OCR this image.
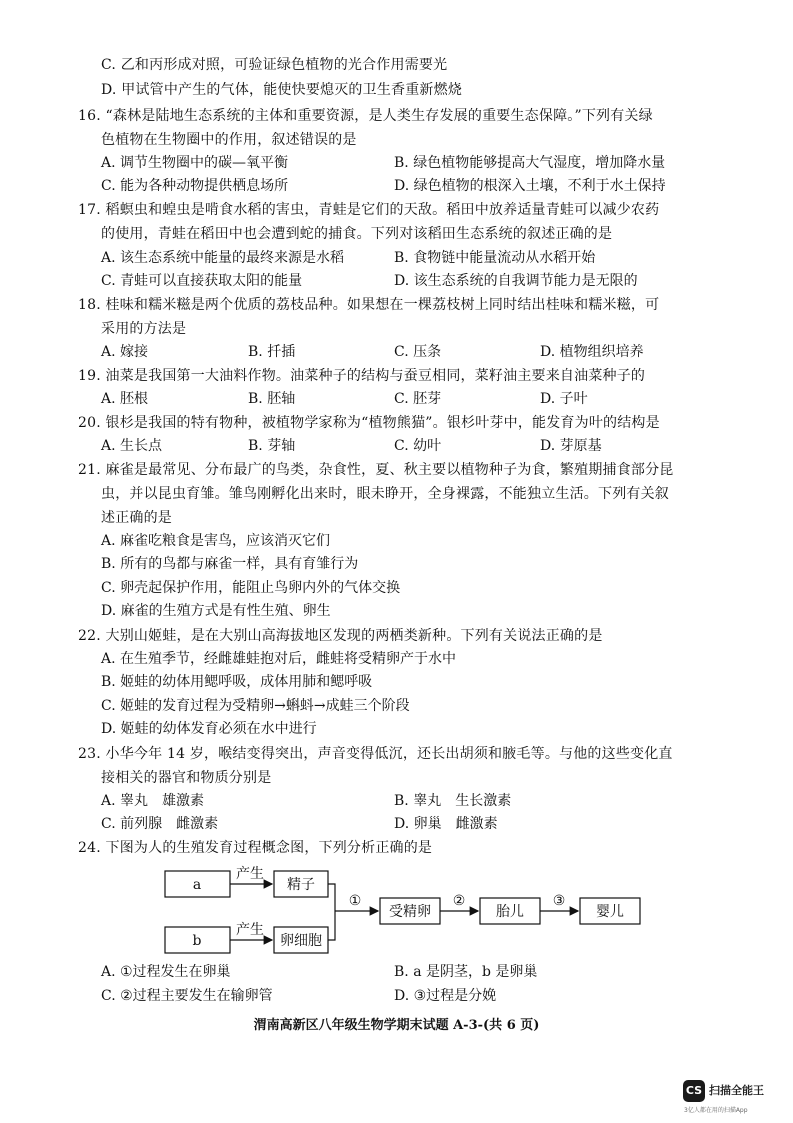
C. 乙和丙形成对照，可验证绿色植物的光合作用需要光
D. 甲试管中产生的气体，能使快要熄灭的卫生香重新燃烧
16. “森林是陆地生态系统的主体和重要资源，是人类生存发展的重要生态保障。”下列有关绿
色植物在生物圈中的作用，叙述错误的是
A. 调节生物圈中的碳—氧平衡	B. 绿色植物能够提高大气湿度，增加降水量
C. 能为各种动物提供栖息场所	D. 绿色植物的根深入土壤，不利于水土保持
17. 稻螟虫和蝗虫是啃食水稻的害虫，青蛙是它们的天敌。稻田中放养适量青蛙可以减少农药
的使用，青蛙在稻田中也会遭到蛇的捕食。下列对该稻田生态系统的叙述正确的是
A. 该生态系统中能量的最终来源是水稻	B. 食物链中能量流动从水稻开始
C. 青蛙可以直接获取太阳的能量	D. 该生态系统的自我调节能力是无限的
18. 桂味和糯米糍是两个优质的荔枝品种。如果想在一棵荔枝树上同时结出桂味和糯米糍，可
采用的方法是
A. 嫁接	B. 扦插	C. 压条	D. 植物组织培养
19. 油菜是我国第一大油料作物。油菜种子的结构与蚕豆相同，菜籽油主要来自油菜种子的
A. 胚根	B. 胚轴	C. 胚芽	D. 子叶
20. 银杉是我国的特有物种，被植物学家称为“植物熊猫”。银杉叶芽中，能发育为叶的结构是
A. 生长点	B. 芽轴	C. 幼叶	D. 芽原基
21. 麻雀是最常见、分布最广的鸟类，杂食性，夏、秋主要以植物种子为食，繁殖期捕食部分昆
虫，并以昆虫育雏。雏鸟刚孵化出来时，眼未睁开，全身裸露，不能独立生活。下列有关叙
述正确的是
A. 麻雀吃粮食是害鸟，应该消灭它们
B. 所有的鸟都与麻雀一样，具有育雏行为
C. 卵壳起保护作用，能阻止鸟卵内外的气体交换
D. 麻雀的生殖方式是有性生殖、卵生
22. 大别山姬蛙，是在大别山高海拔地区发现的两栖类新种。下列有关说法正确的是
A. 在生殖季节，经雌雄蛙抱对后，雌蛙将受精卵产于水中
B. 姬蛙的幼体用鳃呼吸，成体用肺和鳃呼吸
C. 姬蛙的发育过程为受精卵→蝌蚪→成蛙三个阶段
D. 姬蛙的幼体发育必须在水中进行
23. 小华今年 14 岁，喉结变得突出，声音变得低沉，还长出胡须和腋毛等。与他的这些变化直
接相关的器官和物质分别是
A. 睾丸　雄激素	B. 睾丸　生长激素
C. 前列腺　雌激素	D. 卵巢　雌激素
24. 下图为人的生殖发育过程概念图，下列分析正确的是
a
b
产生
产生
精子
卵细胞
①
受精卵
②
胎儿
③
婴儿
A. ①过程发生在卵巢	B. a 是阴茎，b 是卵巢
C. ②过程主要发生在输卵管	D. ③过程是分娩
渭南高新区八年级生物学期末试题 A-3-(共 6 页)
CS 扫描全能王
3亿人都在用的扫描App
